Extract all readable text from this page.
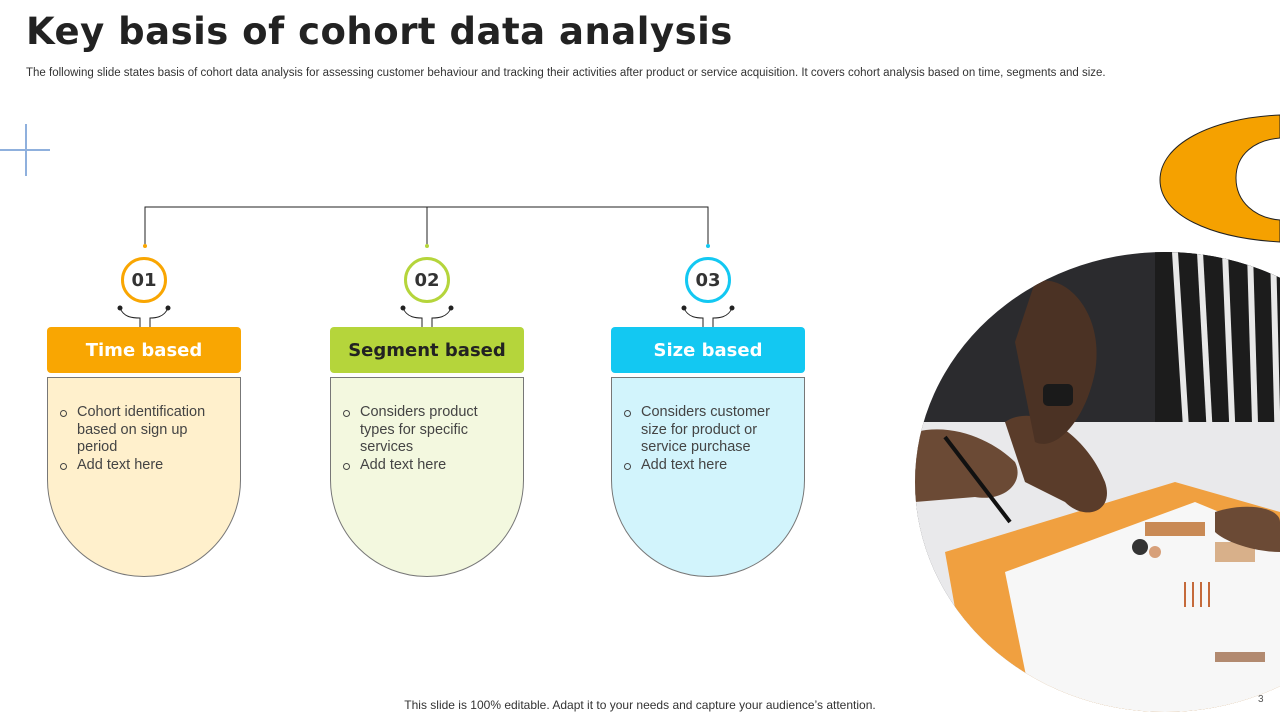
Key basis of cohort data analysis
The following slide states basis of cohort data analysis for assessing customer behaviour and tracking their activities after product or service acquisition. It covers cohort analysis based on time, segments and size.
01
Time based
Cohort identification based on sign up period
Add text here
02
Segment based
Considers product types for specific services
Add text here
03
Size based
Considers customer size for product or service purchase
Add text here
This slide is 100% editable. Adapt it to your needs and capture your audience’s attention.	3
